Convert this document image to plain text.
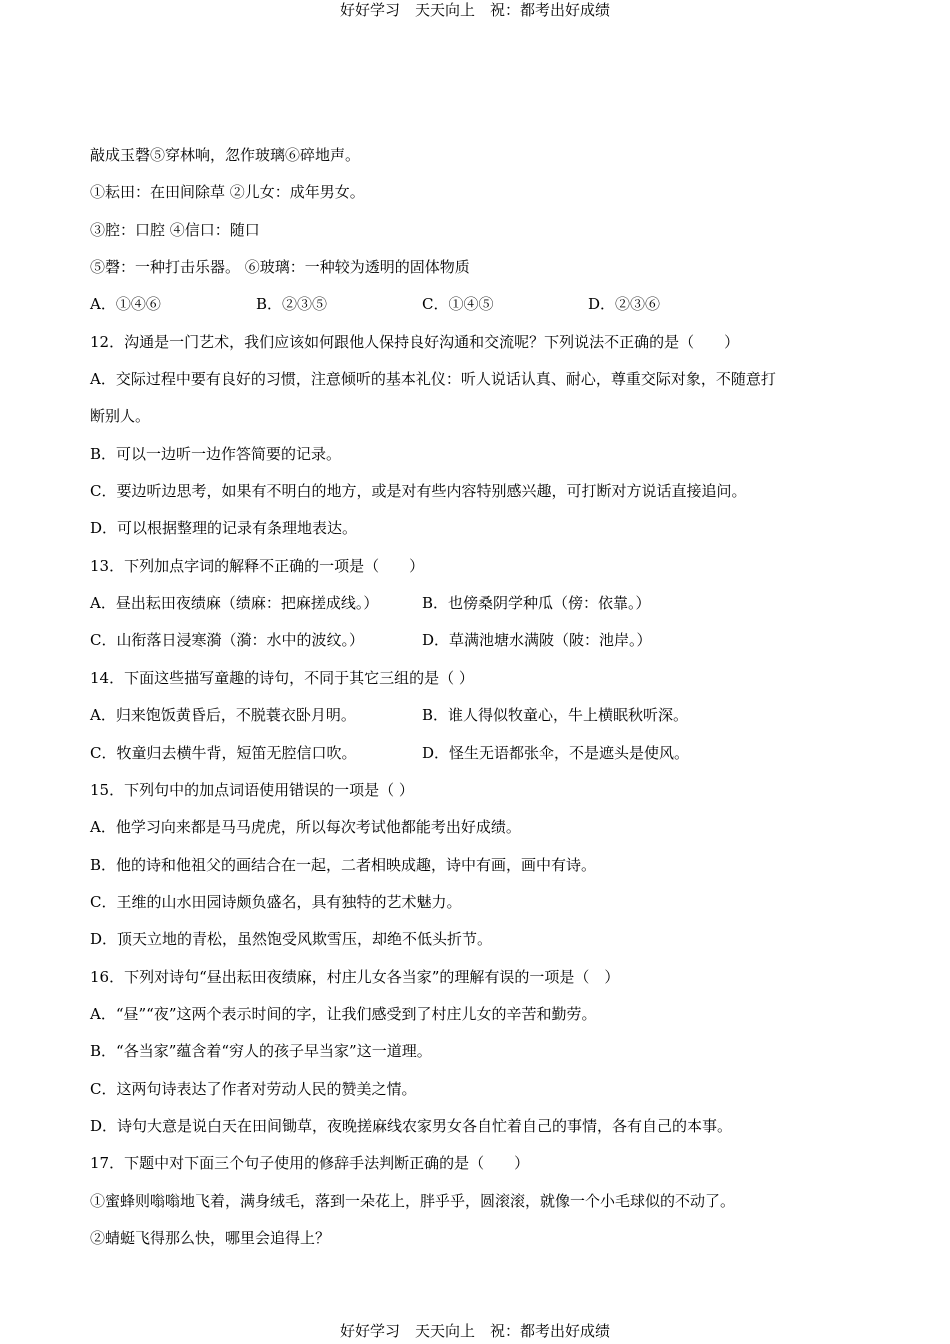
好好学习　天天向上　祝：都考出好成绩
敲成玉磬⑤穿林响，忽作玻璃⑥碎地声。
①耘田：在田间除草 ②儿女：成年男女。
③腔：口腔 ④信口：随口
⑤磬：一种打击乐器。 ⑥玻璃：一种较为透明的固体物质
A．①④⑥	B．②③⑤	C．①④⑤	D．②③⑥
12．沟通是一门艺术，我们应该如何跟他人保持良好沟通和交流呢？下列说法不正确的是（　　）
A．交际过程中要有良好的习惯，注意倾听的基本礼仪：听人说话认真、耐心，尊重交际对象，不随意打
断别人。
B．可以一边听一边作答简要的记录。
C．要边听边思考，如果有不明白的地方，或是对有些内容特别感兴趣，可打断对方说话直接追问。
D．可以根据整理的记录有条理地表达。
13．下列加点字词的解释不正确的一项是（　　）
A．昼出耘田夜绩麻（绩麻：把麻搓成线。）	B．也傍桑阴学种瓜（傍：依靠。）
C．山衔落日浸寒漪（漪：水中的波纹。）	D．草满池塘水满陂（陂：池岸。）
14．下面这些描写童趣的诗句，不同于其它三组的是（ ）
A．归来饱饭黄昏后，不脱蓑衣卧月明。	B．谁人得似牧童心，牛上横眠秋听深。
C．牧童归去横牛背，短笛无腔信口吹。	D．怪生无语都张伞，不是遮头是使风。
15．下列句中的加点词语使用错误的一项是（ ）
A．他学习向来都是马马虎虎，所以每次考试他都能考出好成绩。
B．他的诗和他祖父的画结合在一起，二者相映成趣，诗中有画，画中有诗。
C．王维的山水田园诗颇负盛名，具有独特的艺术魅力。
D．顶天立地的青松，虽然饱受风欺雪压，却绝不低头折节。
16．下列对诗句“昼出耘田夜绩麻，村庄儿女各当家”的理解有误的一项是（　）
A．“昼”“夜”这两个表示时间的字，让我们感受到了村庄儿女的辛苦和勤劳。
B．“各当家”蕴含着“穷人的孩子早当家”这一道理。
C．这两句诗表达了作者对劳动人民的赞美之情。
D．诗句大意是说白天在田间锄草，夜晚搓麻线农家男女各自忙着自己的事情，各有自己的本事。
17．下题中对下面三个句子使用的修辞手法判断正确的是（　　）
①蜜蜂则嗡嗡地飞着，满身绒毛，落到一朵花上，胖乎乎，圆滚滚，就像一个小毛球似的不动了。
②蜻蜓飞得那么快，哪里会追得上？
好好学习　天天向上　祝：都考出好成绩
